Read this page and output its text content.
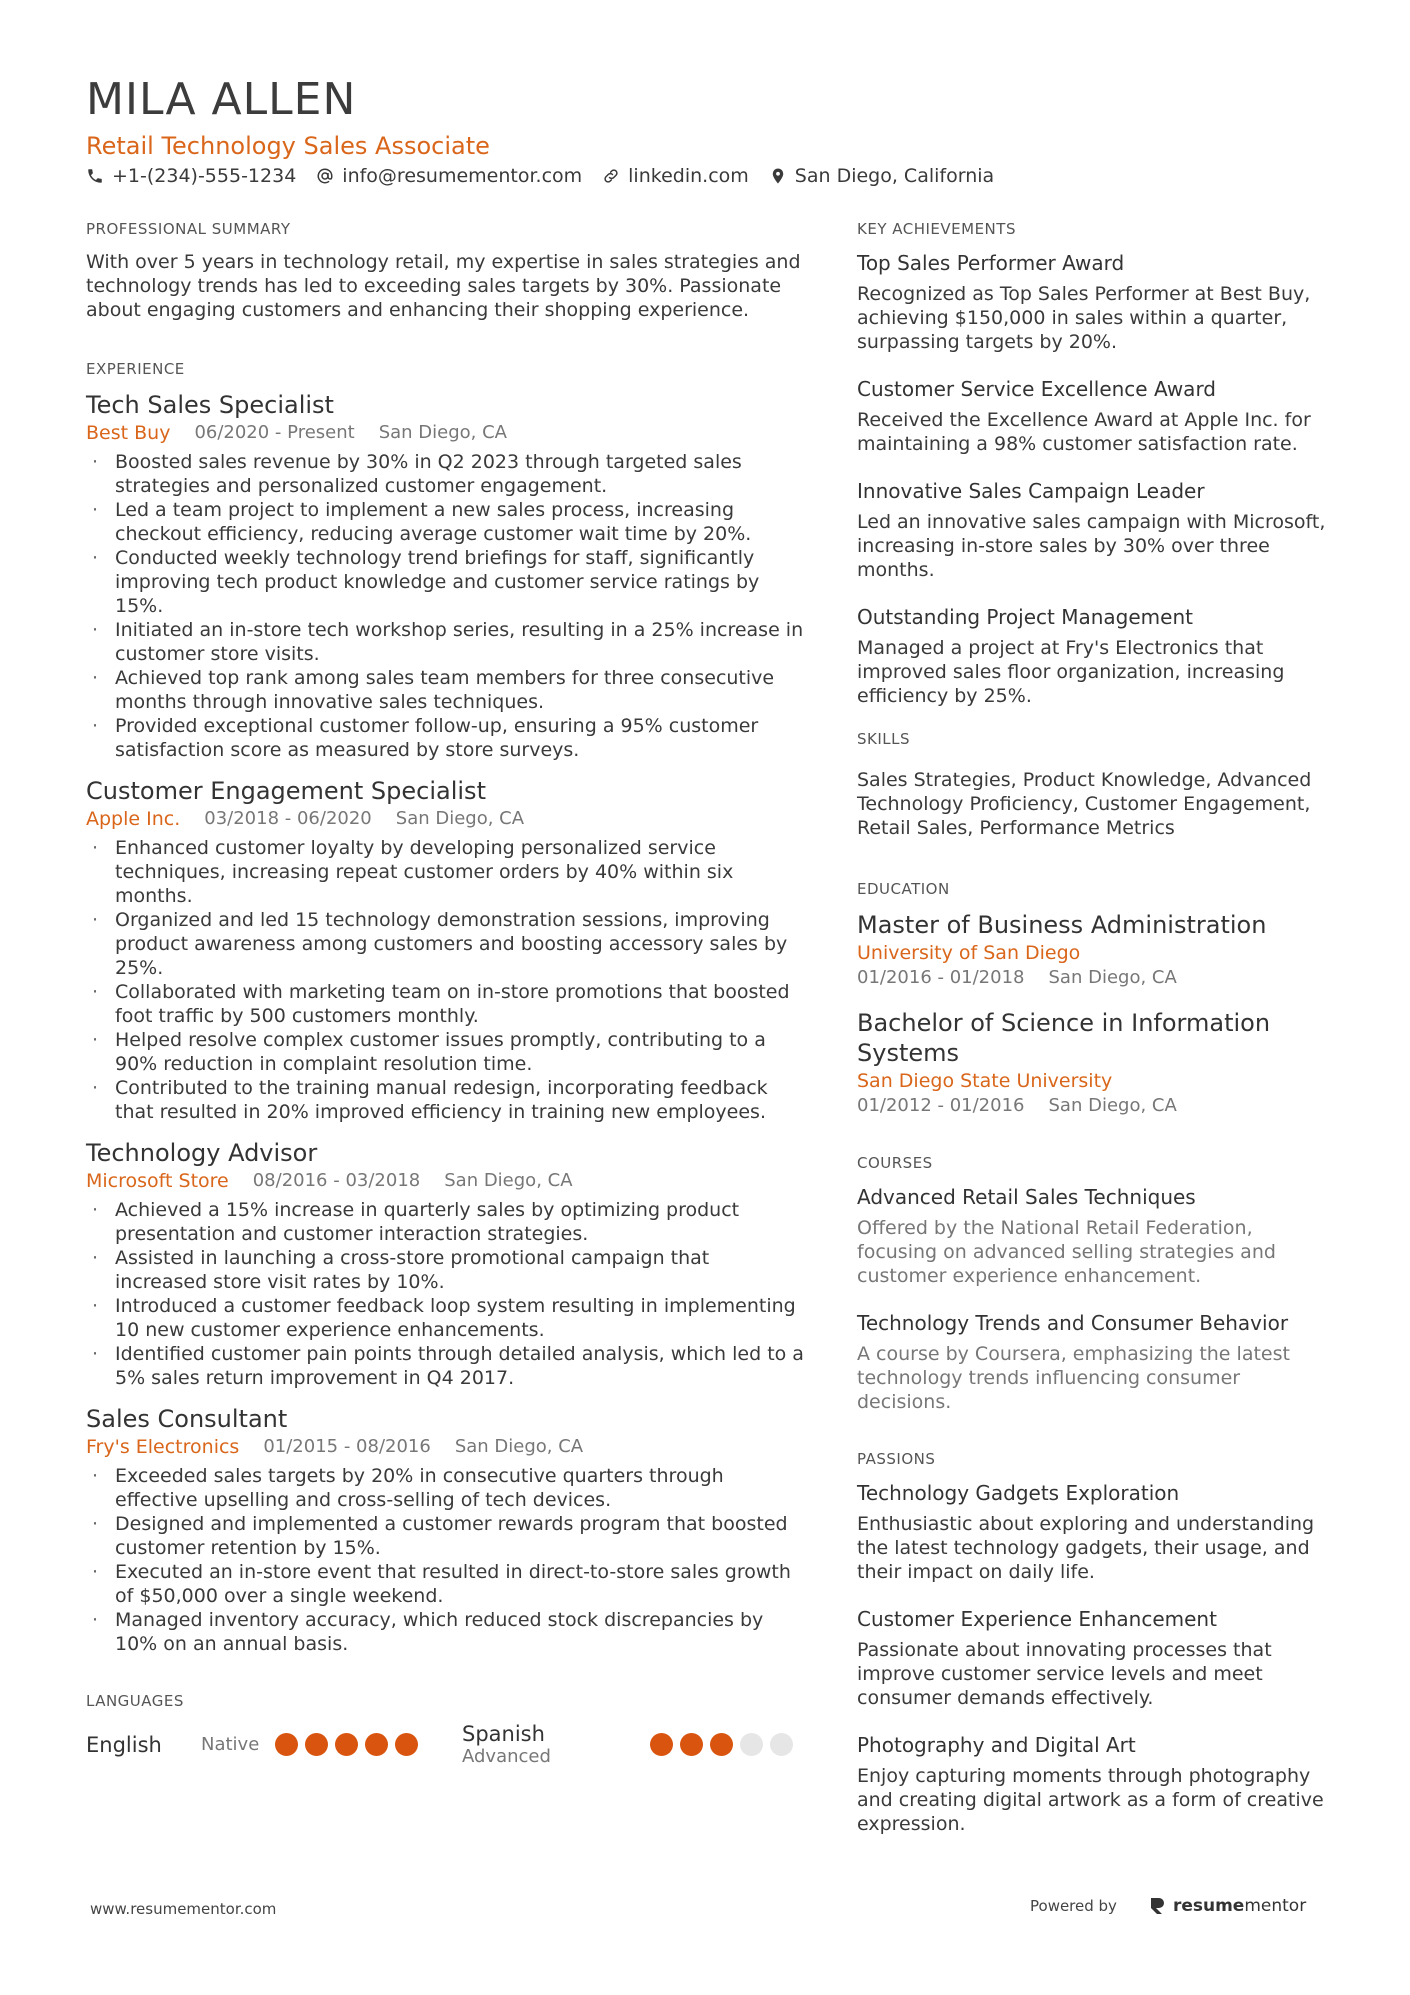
MILA ALLEN
Retail Technology Sales Associate
+1-(234)-555-1234 info@resumementor.com linkedin.com San Diego, California
PROFESSIONAL SUMMARY
With over 5 years in technology retail, my expertise in sales strategies and technology trends has led to exceeding sales targets by 30%. Passionate about engaging customers and enhancing their shopping experience.
EXPERIENCE
Tech Sales Specialist
Best Buy 06/2020 - Present San Diego, CA
· Boosted sales revenue by 30% in Q2 2023 through targeted sales strategies and personalized customer engagement.
· Led a team project to implement a new sales process, increasing checkout efficiency, reducing average customer wait time by 20%.
· Conducted weekly technology trend briefings for staff, significantly improving tech product knowledge and customer service ratings by 15%.
· Initiated an in-store tech workshop series, resulting in a 25% increase in customer store visits.
· Achieved top rank among sales team members for three consecutive months through innovative sales techniques.
· Provided exceptional customer follow-up, ensuring a 95% customer satisfaction score as measured by store surveys.
Customer Engagement Specialist
Apple Inc. 03/2018 - 06/2020 San Diego, CA
· Enhanced customer loyalty by developing personalized service techniques, increasing repeat customer orders by 40% within six months.
· Organized and led 15 technology demonstration sessions, improving product awareness among customers and boosting accessory sales by 25%.
· Collaborated with marketing team on in-store promotions that boosted foot traffic by 500 customers monthly.
· Helped resolve complex customer issues promptly, contributing to a 90% reduction in complaint resolution time.
· Contributed to the training manual redesign, incorporating feedback that resulted in 20% improved efficiency in training new employees.
Technology Advisor
Microsoft Store 08/2016 - 03/2018 San Diego, CA
· Achieved a 15% increase in quarterly sales by optimizing product presentation and customer interaction strategies.
· Assisted in launching a cross-store promotional campaign that increased store visit rates by 10%.
· Introduced a customer feedback loop system resulting in implementing 10 new customer experience enhancements.
· Identified customer pain points through detailed analysis, which led to a 5% sales return improvement in Q4 2017.
Sales Consultant
Fry's Electronics 01/2015 - 08/2016 San Diego, CA
· Exceeded sales targets by 20% in consecutive quarters through effective upselling and cross-selling of tech devices.
· Designed and implemented a customer rewards program that boosted customer retention by 15%.
· Executed an in-store event that resulted in direct-to-store sales growth of $50,000 over a single weekend.
· Managed inventory accuracy, which reduced stock discrepancies by 10% on an annual basis.
LANGUAGES
English	Native	Spanish
Advanced
KEY ACHIEVEMENTS
Top Sales Performer Award
Recognized as Top Sales Performer at Best Buy, achieving $150,000 in sales within a quarter, surpassing targets by 20%.
Customer Service Excellence Award
Received the Excellence Award at Apple Inc. for maintaining a 98% customer satisfaction rate.
Innovative Sales Campaign Leader
Led an innovative sales campaign with Microsoft, increasing in-store sales by 30% over three months.
Outstanding Project Management
Managed a project at Fry's Electronics that improved sales floor organization, increasing efficiency by 25%.
SKILLS
Sales Strategies, Product Knowledge, Advanced Technology Proficiency, Customer Engagement, Retail Sales, Performance Metrics
EDUCATION
Master of Business Administration
University of San Diego
01/2016 - 01/2018 San Diego, CA
Bachelor of Science in Information Systems
San Diego State University
01/2012 - 01/2016 San Diego, CA
COURSES
Advanced Retail Sales Techniques
Offered by the National Retail Federation, focusing on advanced selling strategies and customer experience enhancement.
Technology Trends and Consumer Behavior
A course by Coursera, emphasizing the latest technology trends influencing consumer decisions.
PASSIONS
Technology Gadgets Exploration
Enthusiastic about exploring and understanding the latest technology gadgets, their usage, and their impact on daily life.
Customer Experience Enhancement
Passionate about innovating processes that improve customer service levels and meet consumer demands effectively.
Photography and Digital Art
Enjoy capturing moments through photography and creating digital artwork as a form of creative expression.
www.resumementor.com	Powered by	resume mentor
